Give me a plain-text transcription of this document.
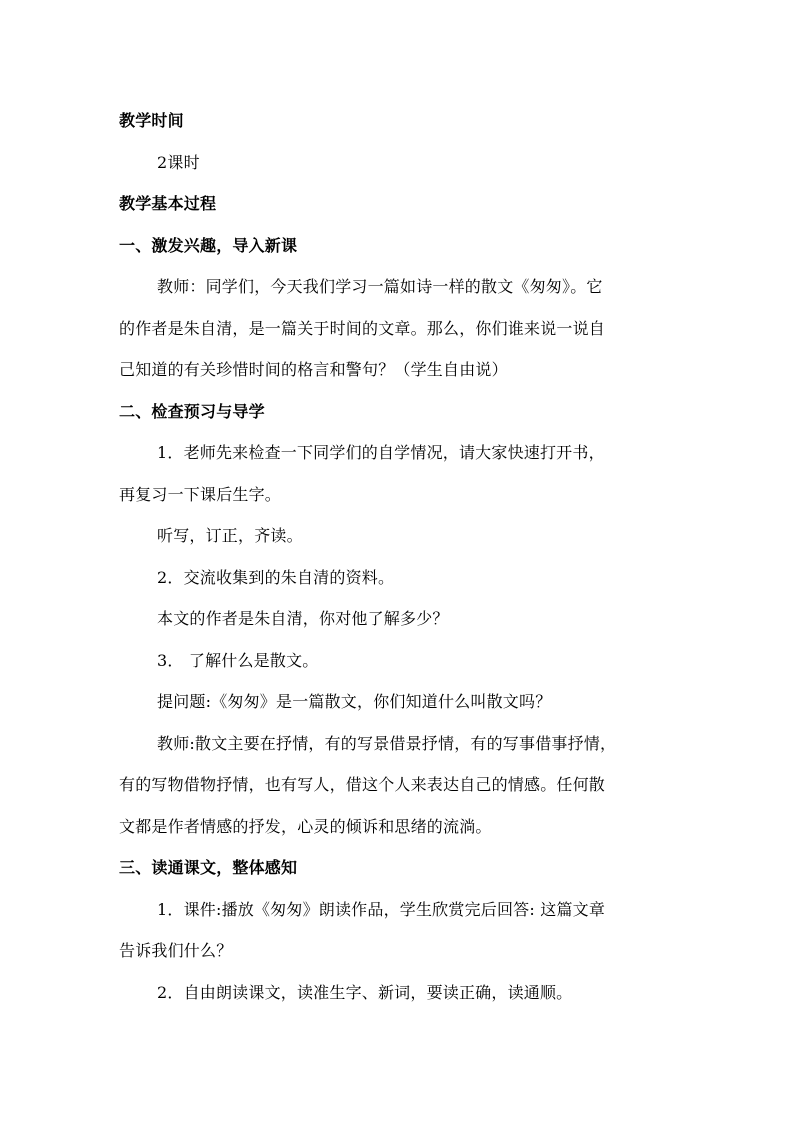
教学时间
2课时
教学基本过程
一、激发兴趣，导入新课
教师：同学们，今天我们学习一篇如诗一样的散文《匆匆》。它
的作者是朱自清，是一篇关于时间的文章。那么，你们谁来说一说自
己知道的有关珍惜时间的格言和警句？（学生自由说）
二、检查预习与导学
1．老师先来检查一下同学们的自学情况，请大家快速打开书，
再复习一下课后生字。
听写，订正，齐读。
2．交流收集到的朱自清的资料。
本文的作者是朱自清，你对他了解多少？
3． 了解什么是散文。
提问题:《匆匆》是一篇散文，你们知道什么叫散文吗？
教师:散文主要在抒情，有的写景借景抒情，有的写事借事抒情，
有的写物借物抒情，也有写人，借这个人来表达自己的情感。任何散
文都是作者情感的抒发，心灵的倾诉和思绪的流淌。
三、读通课文，整体感知
1．课件:播放《匆匆》朗读作品，学生欣赏完后回答: 这篇文章
告诉我们什么？
2．自由朗读课文，读准生字、新词，要读正确，读通顺。
